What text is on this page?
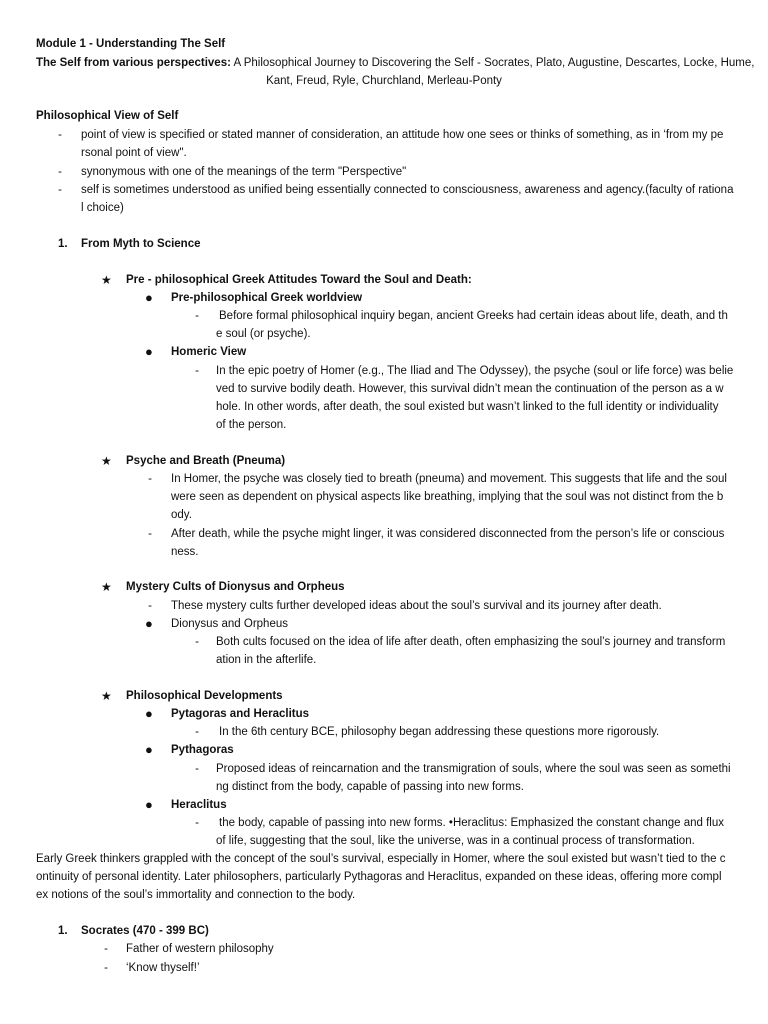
Module 1 - Understanding The Self
The Self from various perspectives: A Philosophical Journey to Discovering the Self - Socrates, Plato, Augustine, Descartes, Locke, Hume,
Kant, Freud, Ryle, Churchland, Merleau-Ponty
Philosophical View of Self
-	point of view is specified or stated manner of consideration, an attitude how one sees or thinks of something, as in ‘from my pe
rsonal point of view".
-	synonymous with one of the meanings of the term "Perspective"
-	self is sometimes understood as unified being essentially connected to consciousness, awareness and agency.(faculty of rationa
l choice)
1. From Myth to Science
★ Pre - philosophical Greek Attitudes Toward the Soul and Death:
● Pre-philosophical Greek worldview
-	Before formal philosophical inquiry began, ancient Greeks had certain ideas about life, death, and th
e soul (or psyche).
● Homeric View
-	In the epic poetry of Homer (e.g., The Iliad and The Odyssey), the psyche (soul or life force) was belie
ved to survive bodily death. However, this survival didn’t mean the continuation of the person as a w
hole. In other words, after death, the soul existed but wasn’t linked to the full identity or individuality
of the person.
★ Psyche and Breath (Pneuma)
-	In Homer, the psyche was closely tied to breath (pneuma) and movement. This suggests that life and the soul
were seen as dependent on physical aspects like breathing, implying that the soul was not distinct from the b
ody.
-	After death, while the psyche might linger, it was considered disconnected from the person’s life or conscious
ness.
★ Mystery Cults of Dionysus and Orpheus
-	These mystery cults further developed ideas about the soul’s survival and its journey after death.
● Dionysus and Orpheus
-	Both cults focused on the idea of life after death, often emphasizing the soul’s journey and transform
ation in the afterlife.
★ Philosophical Developments
● Pytagoras and Heraclitus
-	In the 6th century BCE, philosophy began addressing these questions more rigorously.
● Pythagoras
-	Proposed ideas of reincarnation and the transmigration of souls, where the soul was seen as somethi
ng distinct from the body, capable of passing into new forms.
● Heraclitus
-	the body, capable of passing into new forms. •Heraclitus: Emphasized the constant change and flux
of life, suggesting that the soul, like the universe, was in a continual process of transformation.
Early Greek thinkers grappled with the concept of the soul’s survival, especially in Homer, where the soul existed but wasn’t tied to the c
ontinuity of personal identity. Later philosophers, particularly Pythagoras and Heraclitus, expanded on these ideas, offering more compl
ex notions of the soul’s immortality and connection to the body.
1. Socrates (470 - 399 BC)
-	Father of western philosophy
-	‘Know thyself!’
